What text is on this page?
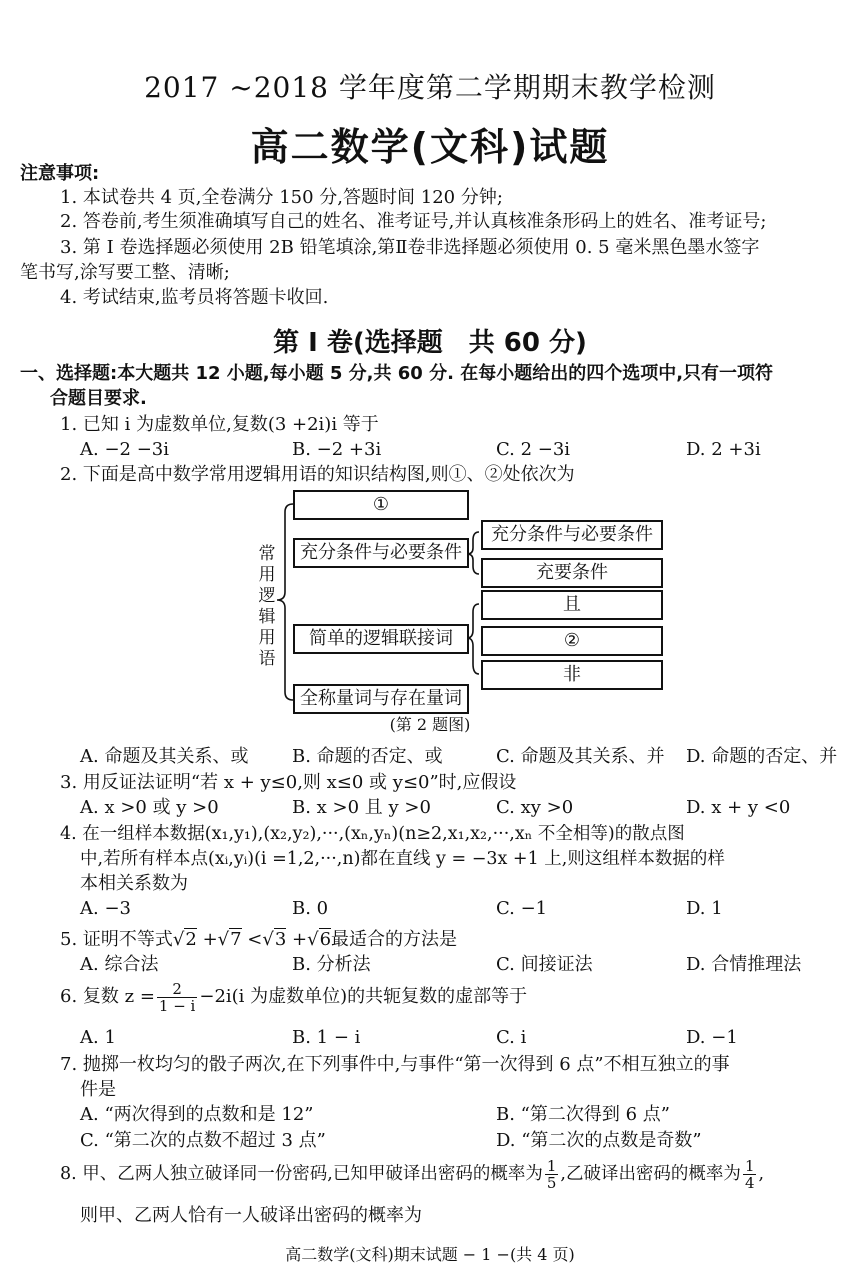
2017 ~2018 学年度第二学期期末教学检测
高二数学(文科)试题
注意事项:
1. 本试卷共 4 页,全卷满分 150 分,答题时间 120 分钟;
2. 答卷前,考生须准确填写自己的姓名、准考证号,并认真核准条形码上的姓名、准考证号;
3. 第 Ⅰ 卷选择题必须使用 2B 铅笔填涂,第Ⅱ卷非选择题必须使用 0. 5 毫米黑色墨水签字
笔书写,涂写要工整、清晰;
4. 考试结束,监考员将答题卡收回.
第 Ⅰ 卷(选择题　共 60 分)
一、选择题:本大题共 12 小题,每小题 5 分,共 60 分. 在每小题给出的四个选项中,只有一项符
合题目要求.
1. 已知 i 为虚数单位,复数(3 +2i)i 等于
A. −2 −3i	B. −2 +3i	C. 2 −3i	D. 2 +3i
2. 下面是高中数学常用逻辑用语的知识结构图,则①、②处依次为
常
用
逻
辑
用
语
①
充分条件与必要条件
简单的逻辑联接词
全称量词与存在量词
充分条件与必要条件
充要条件
且
②
非
(第 2 题图)
A. 命题及其关系、或 B. 命题的否定、或	C. 命题及其关系、并 D. 命题的否定、并
3. 用反证法证明“若 x + y≤0,则 x≤0 或 y≤0”时,应假设
A. x >0 或 y >0	B. x >0 且 y >0	C. xy >0	D. x + y <0
4. 在一组样本数据(x₁,y₁),(x₂,y₂),···,(xₙ,yₙ)(n≥2,x₁,x₂,···,xₙ 不全相等)的散点图
中,若所有样本点(xᵢ,yᵢ)(i =1,2,···,n)都在直线 y = −3x +1 上,则这组样本数据的样
本相关系数为
A. −3	B. 0	C. −1	D. 1
5. 证明不等式√2 +√7 <√3 +√6最适合的方法是
A. 综合法	B. 分析法	C. 间接证法	D. 合情推理法
6. 复数 $z = \frac{2}{1 - i} -2i(i$ 为虚数单位)的共轭复数的虚部等于
A. 1	B. 1 − i	C. i	D. −1
7. 抛掷一枚均匀的骰子两次,在下列事件中,与事件“第一次得到 6 点”不相互独立的事
件是
A. “两次得到的点数和是 12”	B. “第二次得到 6 点”
C. “第二次的点数不超过 3 点”	D. “第二次的点数是奇数”
8. 甲、乙两人独立破译同一份密码,已知甲破译出密码的概率为 $\frac{1}{5}$ ,乙破译出密码的概率为 $\frac{1}{4}$ ,
则甲、乙两人恰有一人破译出密码的概率为
高二数学(文科)期末试题 − 1 −(共 4 页)
